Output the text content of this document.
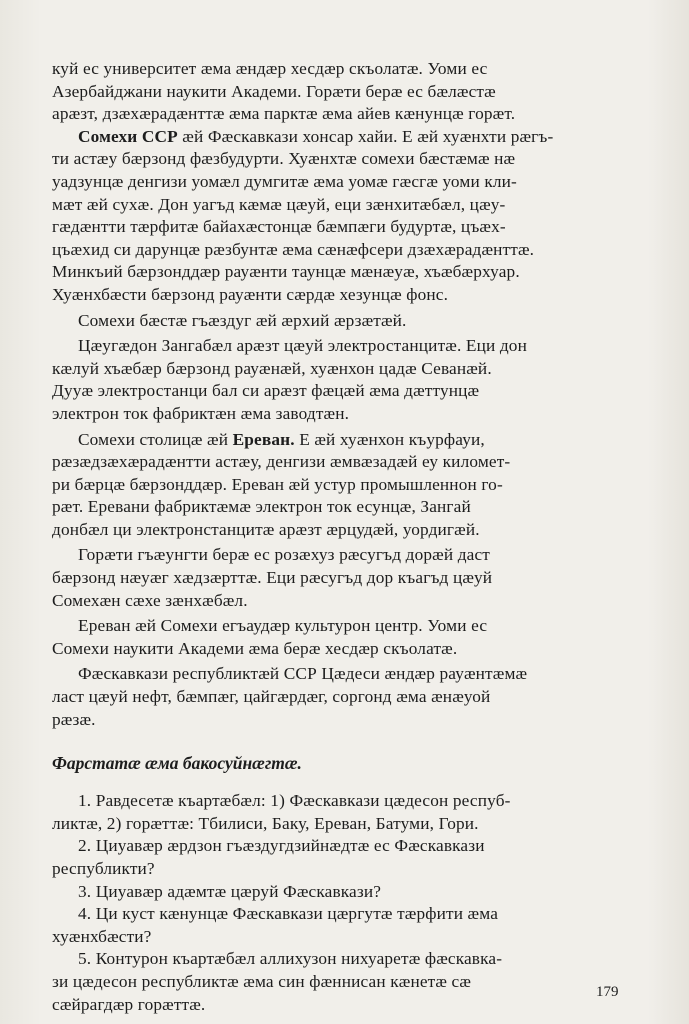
куй ес университет æма æндæр хесдæр скъолатæ. Уоми ес
Азербайджани наукити Академи. Горæти берæ ес бæлæстæ
арæзт, дзæхæрадæнттæ æма парктæ æма айев кæнунцæ горæт.
Сомехи ССР æй Фæскавкази хонсар хайи. Е æй хуæнхти рæгъ-
ти астæу бæрзонд фæзбудурти. Хуæнхтæ сомехи бæстæмæ нæ
уадзунцæ денгизи уомæл думгитæ æма уомæ гæсгæ уоми кли-
мæт æй сухæ. Дон уагъд кæмæ цæуй, еци зæнхитæбæл, цæу-
гæдæнтти тæрфитæ байахæстонцæ бæмпæги будуртæ, цъæх-
цъæхид си дарунцæ рæзбунтæ æма сæнæфсери дзæхæрадæнттæ.
Минкъий бæрзонддæр рауæнти таунцæ мæнæуæ, хъæбæрхуар.
Хуæнхбæсти бæрзонд рауæнти сæрдæ хезунцæ фонс.
Сомехи бæстæ гъæздуг æй æрхий æрзæтæй.
Цæугæдон Зангабæл арæзт цæуй электростанцитæ. Еци дон
кæлуй хъæбæр бæрзонд рауæнæй, хуæнхон цадæ Севанæй.
Дууæ электростанци бал си арæзт фæцæй æма дæттунцæ
электрон ток фабриктæн æма заводтæн.
Сомехи столицæ æй Ереван. Е æй хуæнхон къурфауи,
рæзæдзæхæрадæнтти астæу, денгизи æмвæзадæй еу километ-
ри бæрцæ бæрзонддæр. Ереван æй устур промышленнон го-
рæт. Еревани фабриктæмæ электрон ток есунцæ, Зангай
донбæл ци электронстанцитæ арæзт æрцудæй, уордигæй.
Горæти гъæунгти берæ ес розæхуз рæсугъд дорæй даст
бæрзонд нæуæг хæдзæрттæ. Еци рæсугъд дор къагъд цæуй
Сомехæн сæхе зæнхæбæл.
Ереван æй Сомехи егъаудæр культурон центр. Уоми ес
Сомехи наукити Академи æма берæ хесдæр скъолатæ.
Фæскавкази республиктæй ССР Цæдеси æндæр рауæнтæмæ
ласт цæуй нефт, бæмпæг, цайгæрдæг, соргонд æма æнæуой
рæзæ.
Фарстатæ æма бакосуйнæгтæ.
1. Равдесетæ къартæбæл: 1) Фæскавкази цæдесон респуб-
ликтæ, 2) горæттæ: Тбилиси, Баку, Ереван, Батуми, Гори.
2. Циуавæр æрдзон гъæздугдзийнæдтæ ес Фæскавкази
республикти?
3. Циуавæр адæмтæ цæруй Фæскавкази?
4. Ци куст кæнунцæ Фæскавкази цæргутæ тæрфити æма
хуæнхбæсти?
5. Контурон къартæбæл аллихузон нихуаретæ фæскавка-
зи цæдесон республиктæ æма син фæннисан кæнетæ сæ
сæйрагдæр горæттæ.
179
